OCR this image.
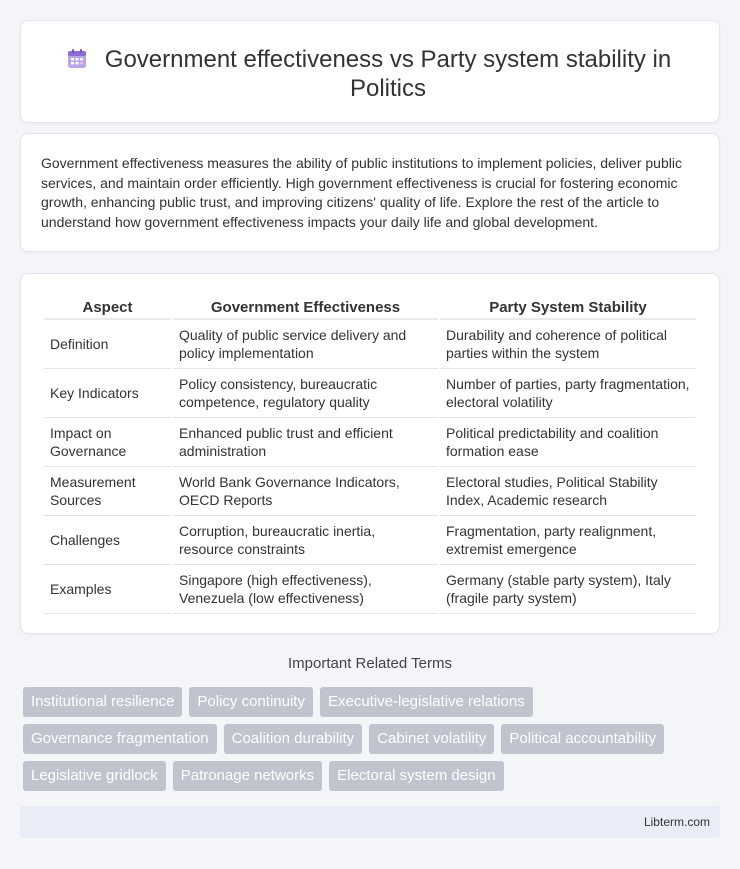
Government effectiveness vs Party system stability in Politics

Government effectiveness measures the ability of public institutions to implement policies, deliver public services, and maintain order efficiently. High government effectiveness is crucial for fostering economic growth, enhancing public trust, and improving citizens' quality of life. Explore the rest of the article to understand how government effectiveness impacts your daily life and global development.

Aspect	Government Effectiveness	Party System Stability
Definition	Quality of public service delivery and policy implementation	Durability and coherence of political parties within the system
Key Indicators	Policy consistency, bureaucratic competence, regulatory quality	Number of parties, party fragmentation, electoral volatility
Impact on Governance	Enhanced public trust and efficient administration	Political predictability and coalition formation ease
Measurement Sources	World Bank Governance Indicators, OECD Reports	Electoral studies, Political Stability Index, Academic research
Challenges	Corruption, bureaucratic inertia, resource constraints	Fragmentation, party realignment, extremist emergence
Examples	Singapore (high effectiveness), Venezuela (low effectiveness)	Germany (stable party system), Italy (fragile party system)
Important Related Terms
Institutional resilience	Policy continuity	Executive-legislative relations
Governance fragmentation	Coalition durability	Cabinet volatility	Political accountability
Legislative gridlock	Patronage networks	Electoral system design
Libterm.com
